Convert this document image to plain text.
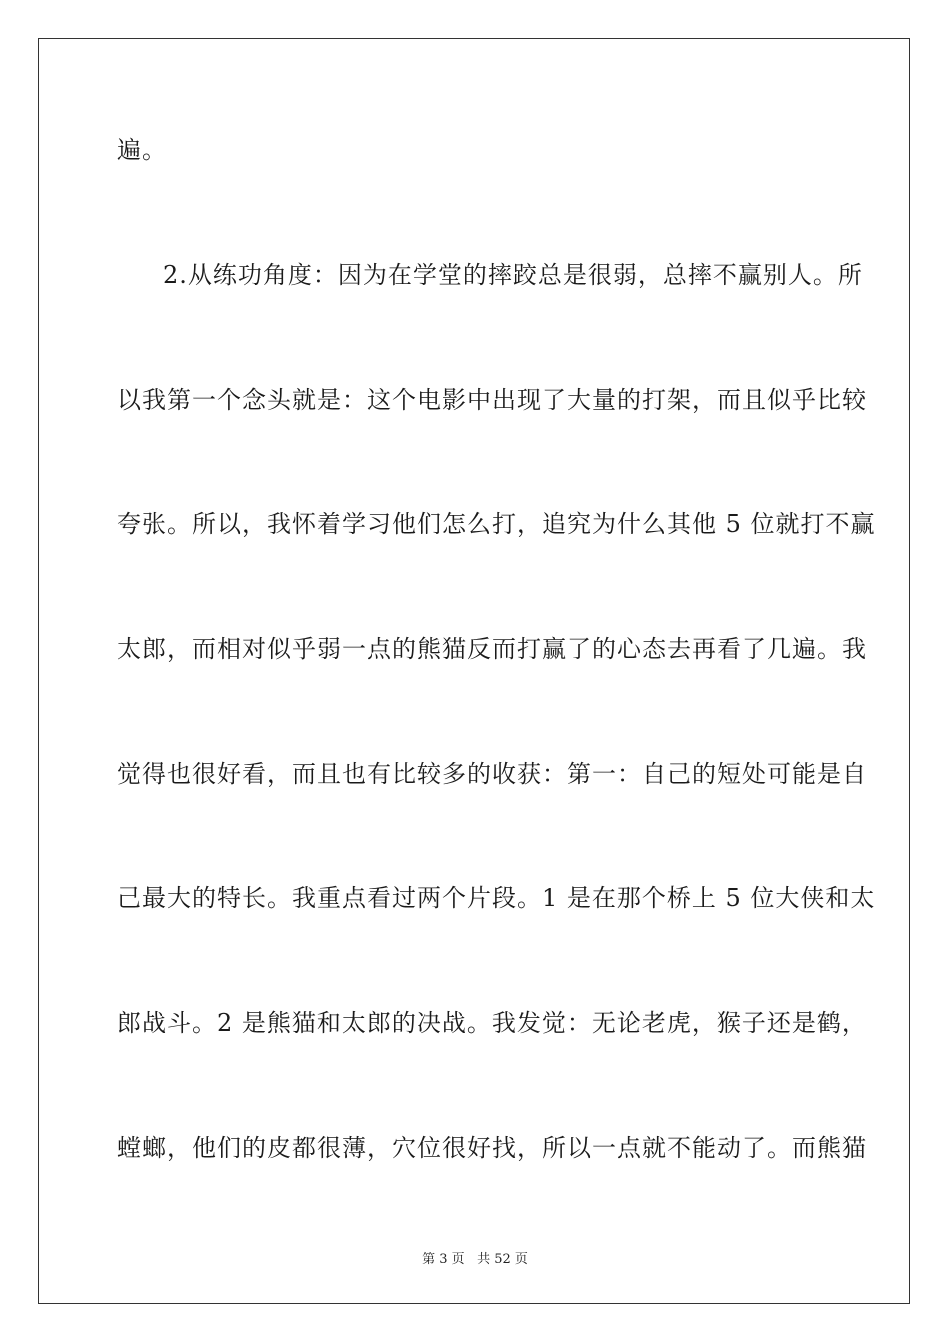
遍。
2.从练功角度：因为在学堂的摔跤总是很弱，总摔不赢别人。所
以我第一个念头就是：这个电影中出现了大量的打架，而且似乎比较
夸张。所以，我怀着学习他们怎么打，追究为什么其他 5 位就打不赢
太郎，而相对似乎弱一点的熊猫反而打赢了的心态去再看了几遍。我
觉得也很好看，而且也有比较多的收获：第一：自己的短处可能是自
己最大的特长。我重点看过两个片段。1 是在那个桥上 5 位大侠和太
郎战斗。2 是熊猫和太郎的决战。我发觉：无论老虎，猴子还是鹤，
螳螂，他们的皮都很薄，穴位很好找，所以一点就不能动了。而熊猫
第 3 页 共 52 页
